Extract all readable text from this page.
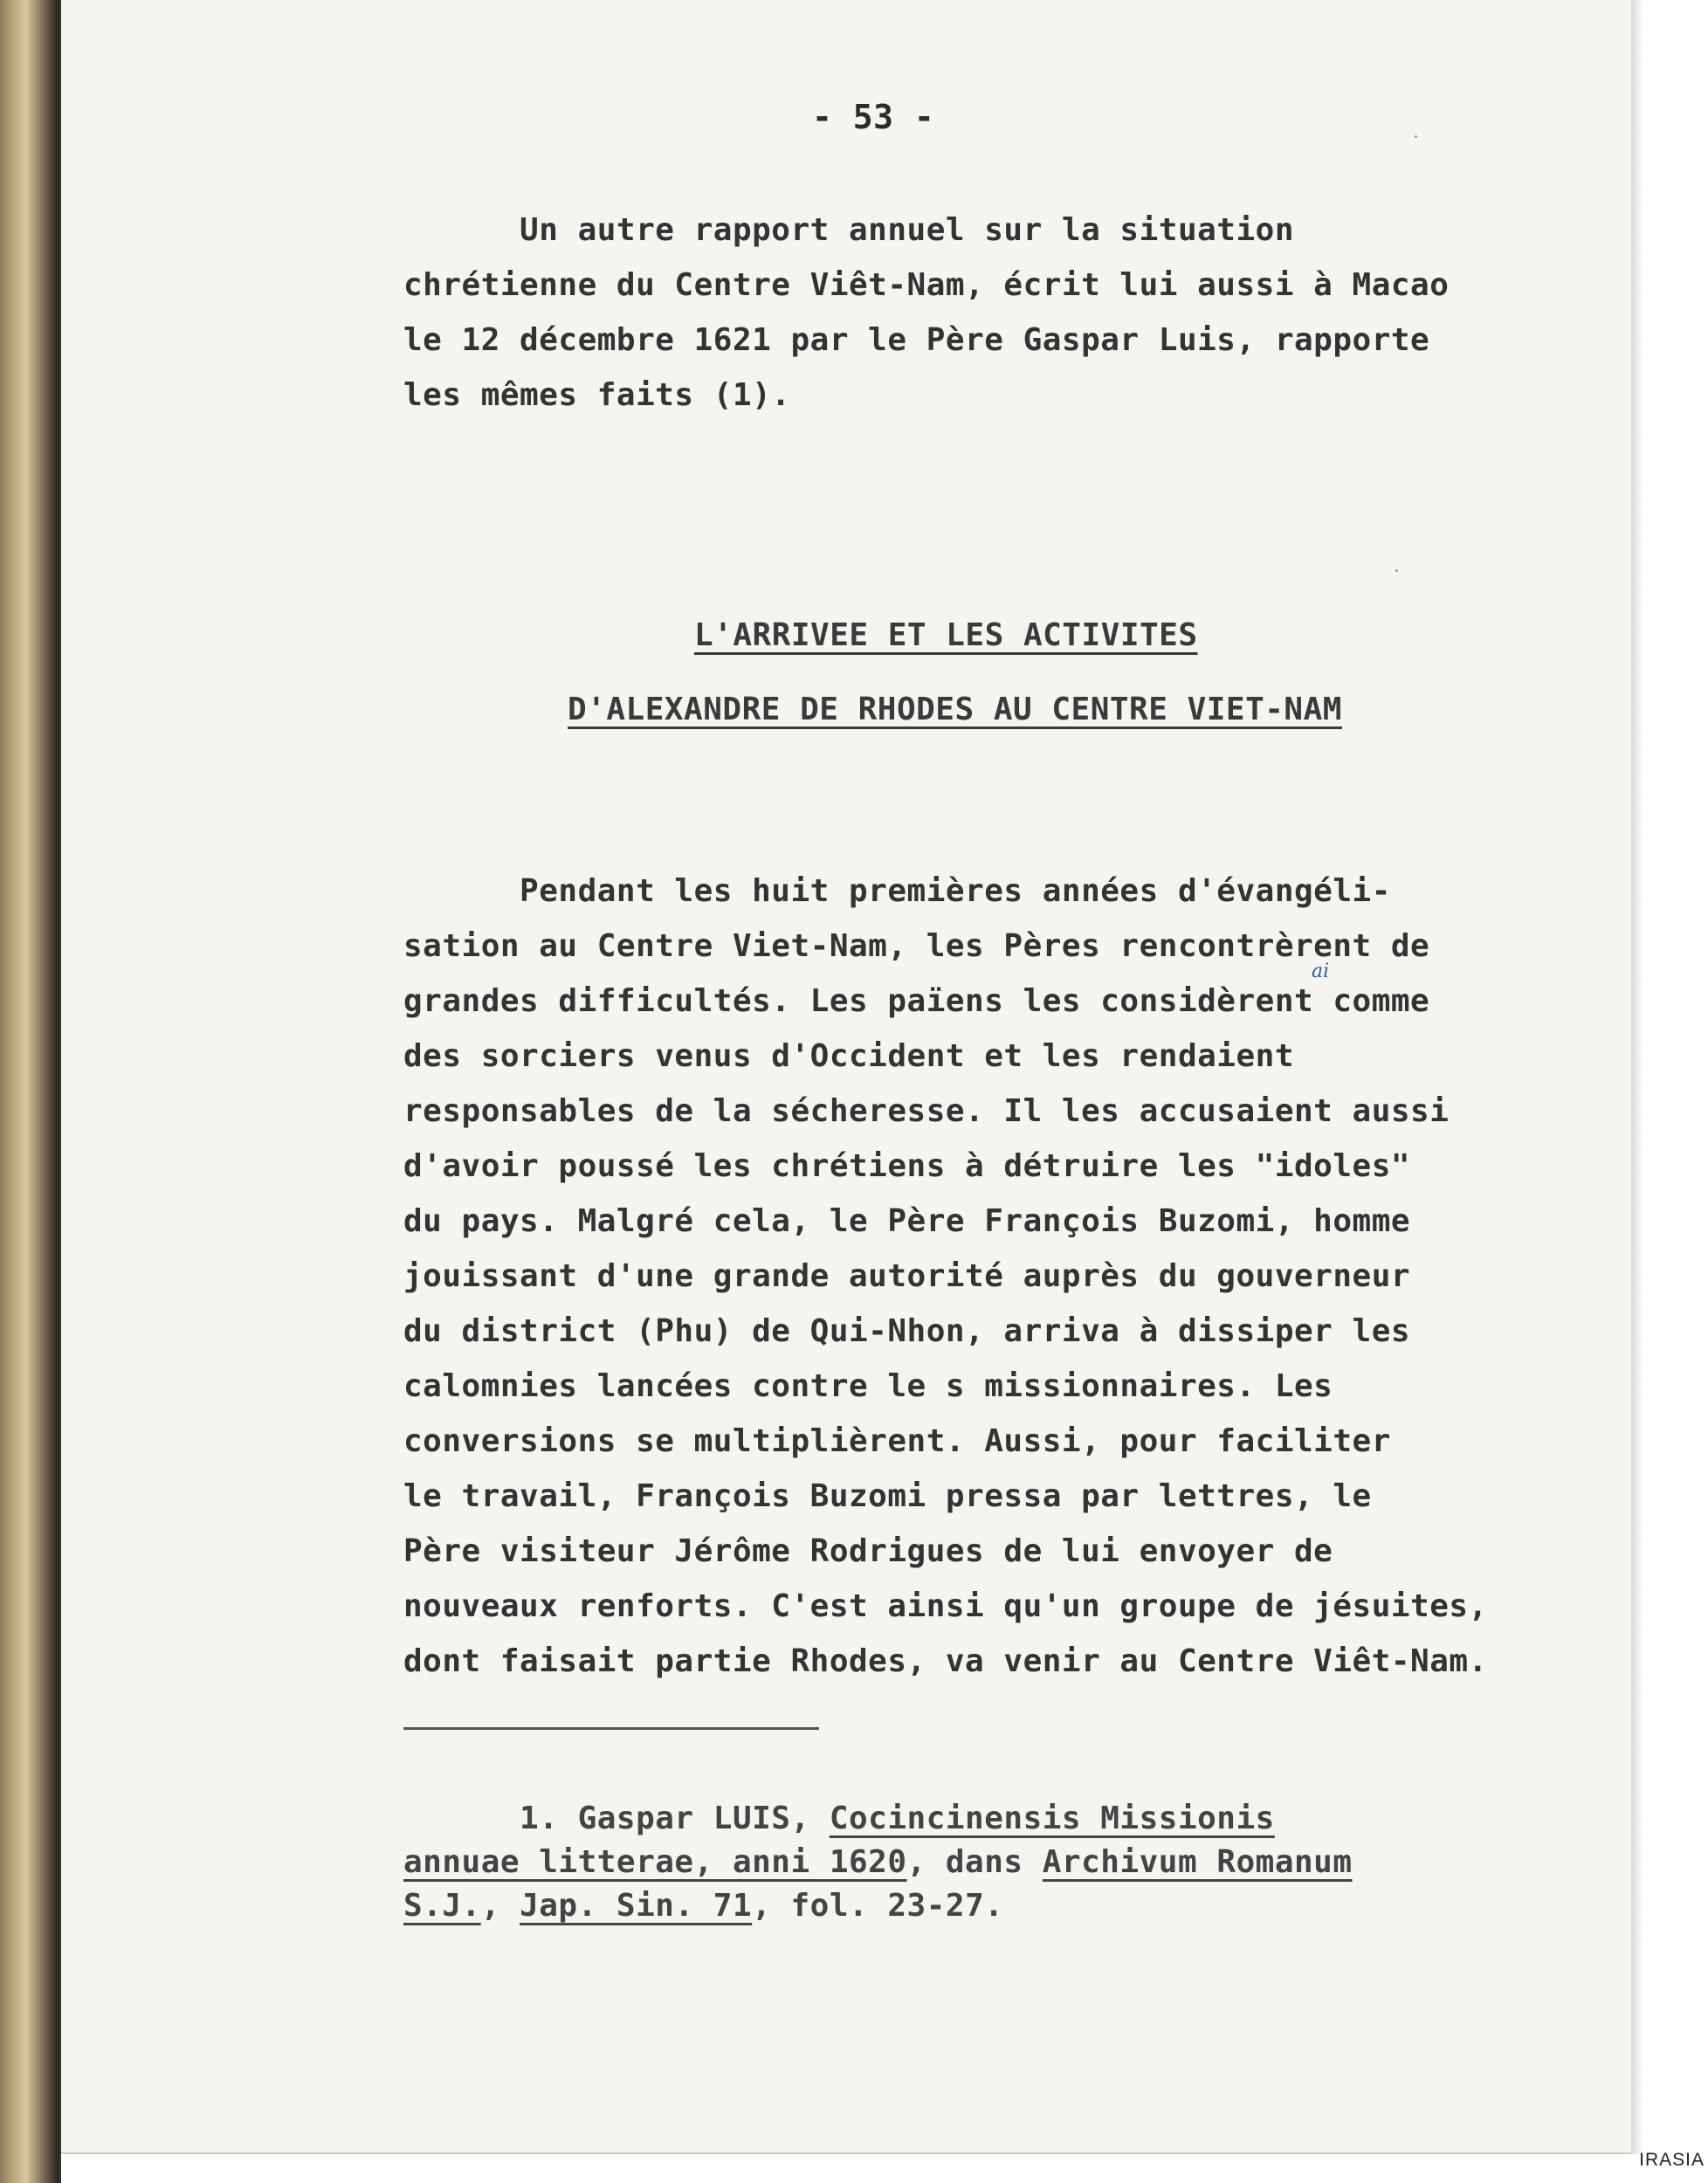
- 53 -
Un autre rapport annuel sur la situation
chrétienne du Centre Viêt-Nam, écrit lui aussi à Macao
le 12 décembre 1621 par le Père Gaspar Luis, rapporte
les mêmes faits (1).
L'ARRIVEE ET LES ACTIVITES
D'ALEXANDRE DE RHODES AU CENTRE VIET-NAM
Pendant les huit premières années d'évangéli-
sation au Centre Viet-Nam, les Pères rencontrèrent de
grandes difficultés. Les païens les considèrent comme
des sorciers venus d'Occident et les rendaient
responsables de la sécheresse. Il les accusaient aussi
d'avoir poussé les chrétiens à détruire les "idoles"
du pays. Malgré cela, le Père François Buzomi, homme
jouissant d'une grande autorité auprès du gouverneur
du district (Phu) de Qui-Nhon, arriva à dissiper les
calomnies lancées contre le s missionnaires. Les
conversions se multiplièrent. Aussi, pour faciliter
le travail, François Buzomi pressa par lettres, le
Père visiteur Jérôme Rodrigues de lui envoyer de
nouveaux renforts. C'est ainsi qu'un groupe de jésuites,
dont faisait partie Rhodes, va venir au Centre Viêt-Nam.
ai
1. Gaspar LUIS, Cocincinensis Missionis
annuae litterae, anni 1620, dans Archivum Romanum
S.J., Jap. Sin. 71, fol. 23-27.
IRASIA
